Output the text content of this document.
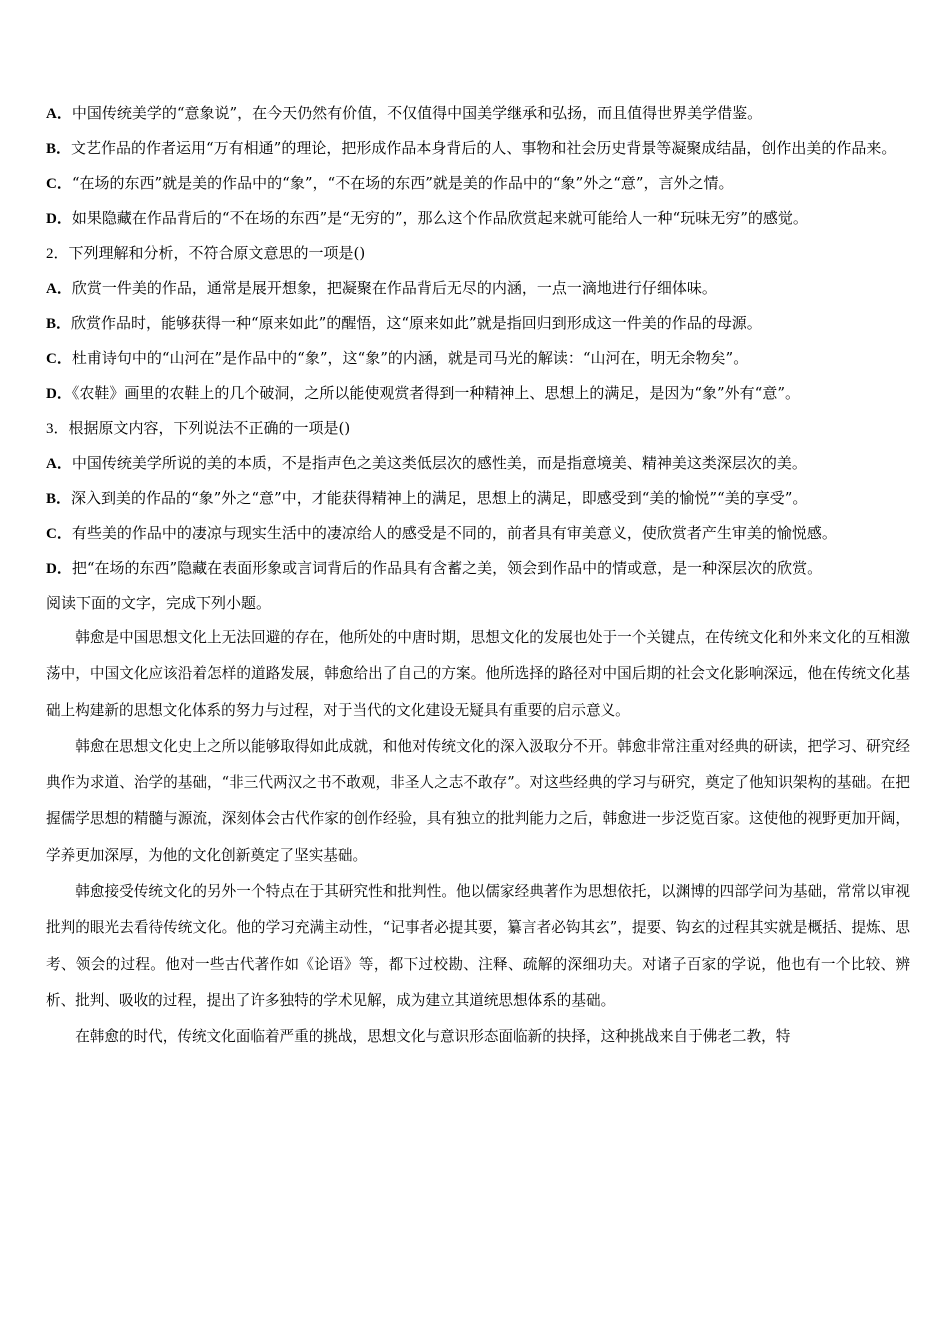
A．中国传统美学的“意象说”，在今天仍然有价值，不仅值得中国美学继承和弘扬，而且值得世界美学借鉴。

B．文艺作品的作者运用“万有相通”的理论，把形成作品本身背后的人、事物和社会历史背景等凝聚成结晶，创作出美的作品来。

C．“在场的东西”就是美的作品中的“象”，“不在场的东西”就是美的作品中的“象”外之“意”，言外之情。

D．如果隐藏在作品背后的“不在场的东西”是“无穷的”，那么这个作品欣赏起来就可能给人一种“玩味无穷”的感觉。

2．下列理解和分析，不符合原文意思的一项是()

A．欣赏一件美的作品，通常是展开想象，把凝聚在作品背后无尽的内涵，一点一滴地进行仔细体味。

B．欣赏作品时，能够获得一种“原来如此”的醒悟，这“原来如此”就是指回归到形成这一件美的作品的母源。

C．杜甫诗句中的“山河在”是作品中的“象”，这“象”的内涵，就是司马光的解读：“山河在，明无余物矣”。

D．《农鞋》画里的农鞋上的几个破洞，之所以能使观赏者得到一种精神上、思想上的满足，是因为“象”外有“意”。

3．根据原文内容，下列说法不正确的一项是()

A．中国传统美学所说的美的本质，不是指声色之美这类低层次的感性美，而是指意境美、精神美这类深层次的美。

B．深入到美的作品的“象”外之“意”中，才能获得精神上的满足，思想上的满足，即感受到“美的愉悦”“美的享受”。

C．有些美的作品中的凄凉与现实生活中的凄凉给人的感受是不同的，前者具有审美意义，使欣赏者产生审美的愉悦感。

D．把“在场的东西”隐藏在表面形象或言词背后的作品具有含蓄之美，领会到作品中的情或意，是一种深层次的欣赏。

阅读下面的文字，完成下列小题。

韩愈是中国思想文化上无法回避的存在，他所处的中唐时期，思想文化的发展也处于一个关键点，在传统文化和外来文化的互相激荡中，中国文化应该沿着怎样的道路发展，韩愈给出了自己的方案。他所选择的路径对中国后期的社会文化影响深远，他在传统文化基础上构建新的思想文化体系的努力与过程，对于当代的文化建设无疑具有重要的启示意义。

韩愈在思想文化史上之所以能够取得如此成就，和他对传统文化的深入汲取分不开。韩愈非常注重对经典的研读，把学习、研究经典作为求道、治学的基础，“非三代两汉之书不敢观，非圣人之志不敢存”。对这些经典的学习与研究，奠定了他知识架构的基础。在把握儒学思想的精髓与源流，深刻体会古代作家的创作经验，具有独立的批判能力之后，韩愈进一步泛览百家。这使他的视野更加开阔，学养更加深厚，为他的文化创新奠定了坚实基础。

韩愈接受传统文化的另外一个特点在于其研究性和批判性。他以儒家经典著作为思想依托，以渊博的四部学问为基础，常常以审视批判的眼光去看待传统文化。他的学习充满主动性，“记事者必提其要，纂言者必钩其玄”，提要、钩玄的过程其实就是概括、提炼、思考、领会的过程。他对一些古代著作如《论语》等，都下过校勘、注释、疏解的深细功夫。对诸子百家的学说，他也有一个比较、辨析、批判、吸收的过程，提出了许多独特的学术见解，成为建立其道统思想体系的基础。

在韩愈的时代，传统文化面临着严重的挑战，思想文化与意识形态面临新的抉择，这种挑战来自于佛老二教，特
